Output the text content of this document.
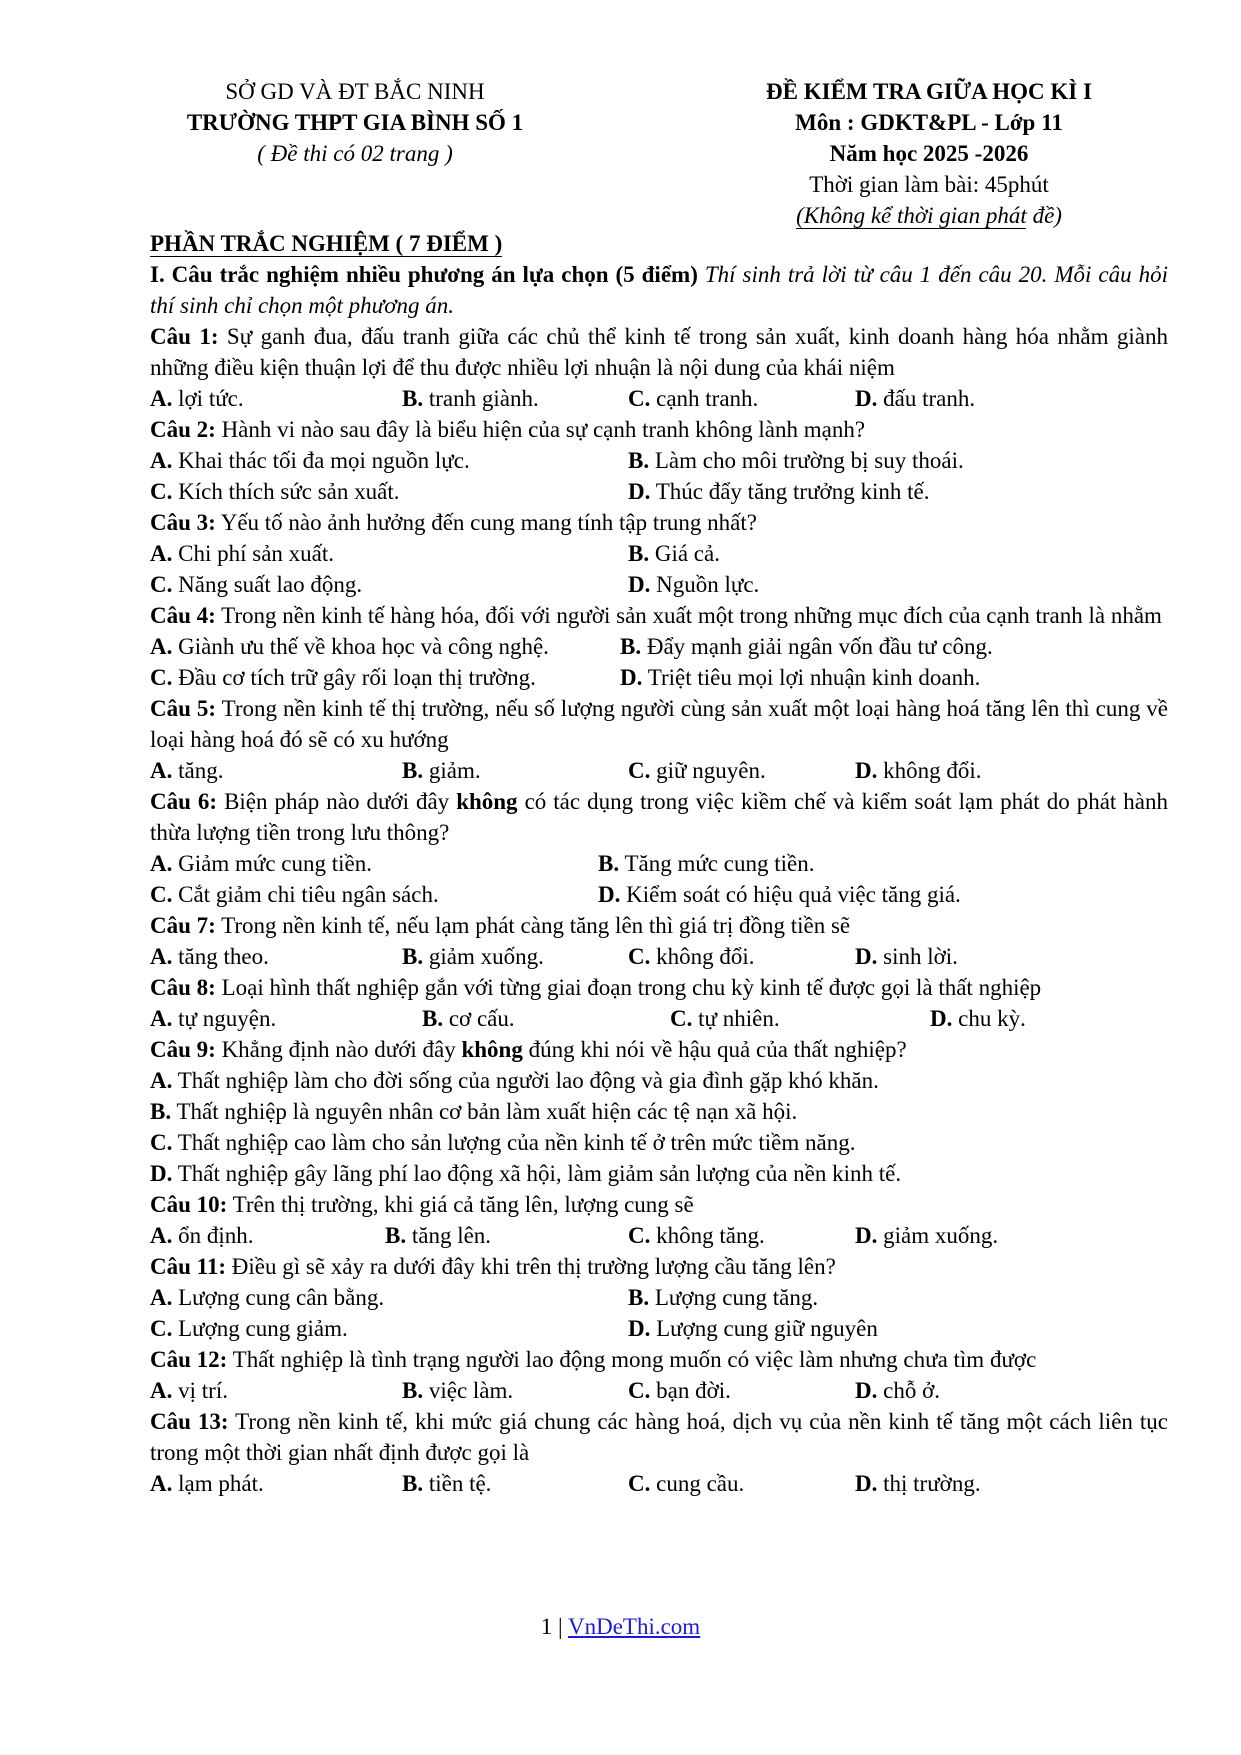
SỞ GD VÀ ĐT BẮC NINH
TRƯỜNG THPT GIA BÌNH SỐ 1
( Đề thi có 02 trang )
ĐỀ KIỂM TRA GIỮA HỌC KÌ I
Môn : GDKT&PL - Lớp 11
Năm học 2025 -2026
Thời gian làm bài: 45phút
(Không kể thời gian phát đề)
PHẦN TRẮC NGHIỆM ( 7 ĐIỂM )
I. Câu trắc nghiệm nhiều phương án lựa chọn (5 điểm) Thí sinh trả lời từ câu 1 đến câu 20. Mỗi câu hỏi thí sinh chỉ chọn một phương án.
Câu 1: Sự ganh đua, đấu tranh giữa các chủ thể kinh tế trong sản xuất, kinh doanh hàng hóa nhằm giành những điều kiện thuận lợi để thu được nhiều lợi nhuận là nội dung của khái niệm
A. lợi tức.	B. tranh giành.	C. cạnh tranh.	D. đấu tranh.
Câu 2: Hành vi nào sau đây là biểu hiện của sự cạnh tranh không lành mạnh?
A. Khai thác tối đa mọi nguồn lực.	B. Làm cho môi trường bị suy thoái.
C. Kích thích sức sản xuất.	D. Thúc đẩy tăng trưởng kinh tế.
Câu 3: Yếu tố nào ảnh hưởng đến cung mang tính tập trung nhất?
A. Chi phí sản xuất.	B. Giá cả.
C. Năng suất lao động.	D. Nguồn lực.
Câu 4: Trong nền kinh tế hàng hóa, đối với người sản xuất một trong những mục đích của cạnh tranh là nhằm
A. Giành ưu thế về khoa học và công nghệ.	B. Đẩy mạnh giải ngân vốn đầu tư công.
C. Đầu cơ tích trữ gây rối loạn thị trường.	D. Triệt tiêu mọi lợi nhuận kinh doanh.
Câu 5: Trong nền kinh tế thị trường, nếu số lượng người cùng sản xuất một loại hàng hoá tăng lên thì cung về loại hàng hoá đó sẽ có xu hướng
A. tăng.	B. giảm.	C. giữ nguyên.	D. không đổi.
Câu 6: Biện pháp nào dưới đây không có tác dụng trong việc kiềm chế và kiểm soát lạm phát do phát hành thừa lượng tiền trong lưu thông?
A. Giảm mức cung tiền.	B. Tăng mức cung tiền.
C. Cắt giảm chi tiêu ngân sách.	D. Kiểm soát có hiệu quả việc tăng giá.
Câu 7: Trong nền kinh tế, nếu lạm phát càng tăng lên thì giá trị đồng tiền sẽ
A. tăng theo.	B. giảm xuống.	C. không đổi.	D. sinh lời.
Câu 8: Loại hình thất nghiệp gắn với từng giai đoạn trong chu kỳ kinh tế được gọi là thất nghiệp
A. tự nguyện.	B. cơ cấu.	C. tự nhiên.	D. chu kỳ.
Câu 9: Khẳng định nào dưới đây không đúng khi nói về hậu quả của thất nghiệp?
A. Thất nghiệp làm cho đời sống của người lao động và gia đình gặp khó khăn.
B. Thất nghiệp là nguyên nhân cơ bản làm xuất hiện các tệ nạn xã hội.
C. Thất nghiệp cao làm cho sản lượng của nền kinh tế ở trên mức tiềm năng.
D. Thất nghiệp gây lãng phí lao động xã hội, làm giảm sản lượng của nền kinh tế.
Câu 10: Trên thị trường, khi giá cả tăng lên, lượng cung sẽ
A. ổn định.	B. tăng lên.	C. không tăng.	D. giảm xuống.
Câu 11: Điều gì sẽ xảy ra dưới đây khi trên thị trường lượng cầu tăng lên?
A. Lượng cung cân bằng.	B. Lượng cung tăng.
C. Lượng cung giảm.	D. Lượng cung giữ nguyên
Câu 12: Thất nghiệp là tình trạng người lao động mong muốn có việc làm nhưng chưa tìm được
A. vị trí.	B. việc làm.	C. bạn đời.	D. chỗ ở.
Câu 13: Trong nền kinh tế, khi mức giá chung các hàng hoá, dịch vụ của nền kinh tế tăng một cách liên tục trong một thời gian nhất định được gọi là
A. lạm phát.	B. tiền tệ.	C. cung cầu.	D. thị trường.
1 | VnDeThi.com
